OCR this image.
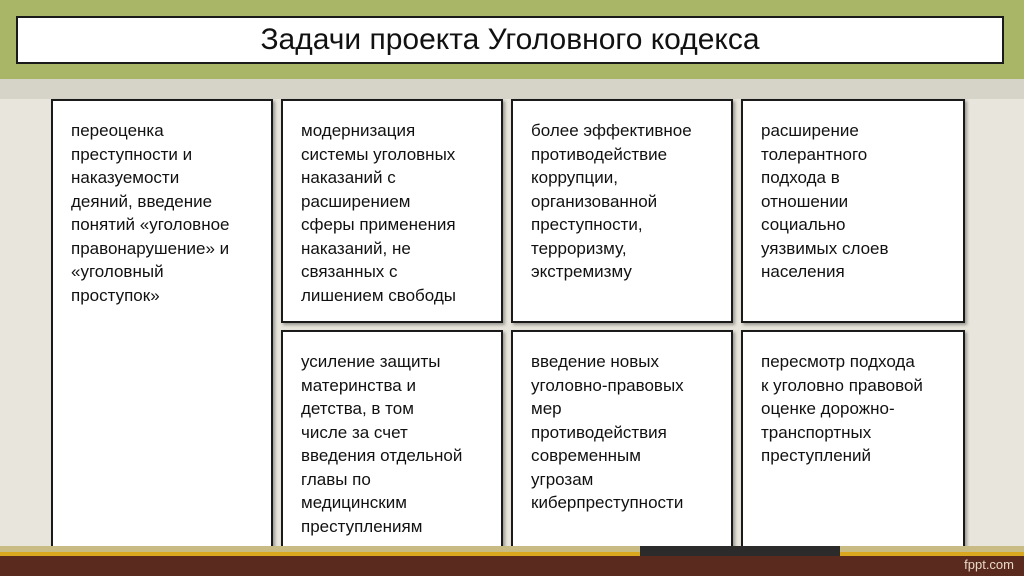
Задачи проекта Уголовного кодекса
переоценка
преступности и
наказуемости
деяний, введение
понятий «уголовное
правонарушение» и
«уголовный
проступок»
модернизация
системы уголовных
наказаний с
расширением
сферы применения
наказаний, не
связанных с
лишением свободы
более эффективное
противодействие
коррупции,
организованной
преступности,
терроризму,
экстремизму
расширение
толерантного
подхода в
отношении
социально
уязвимых слоев
населения
усиление защиты
материнства и
детства, в том
числе за счет
введения отдельной
главы по
медицинским
преступлениям
введение новых
уголовно-правовых
мер
противодействия
современным
угрозам
киберпреступности
пересмотр подхода
к уголовно правовой
оценке дорожно-
транспортных
преступлений
fppt.com
